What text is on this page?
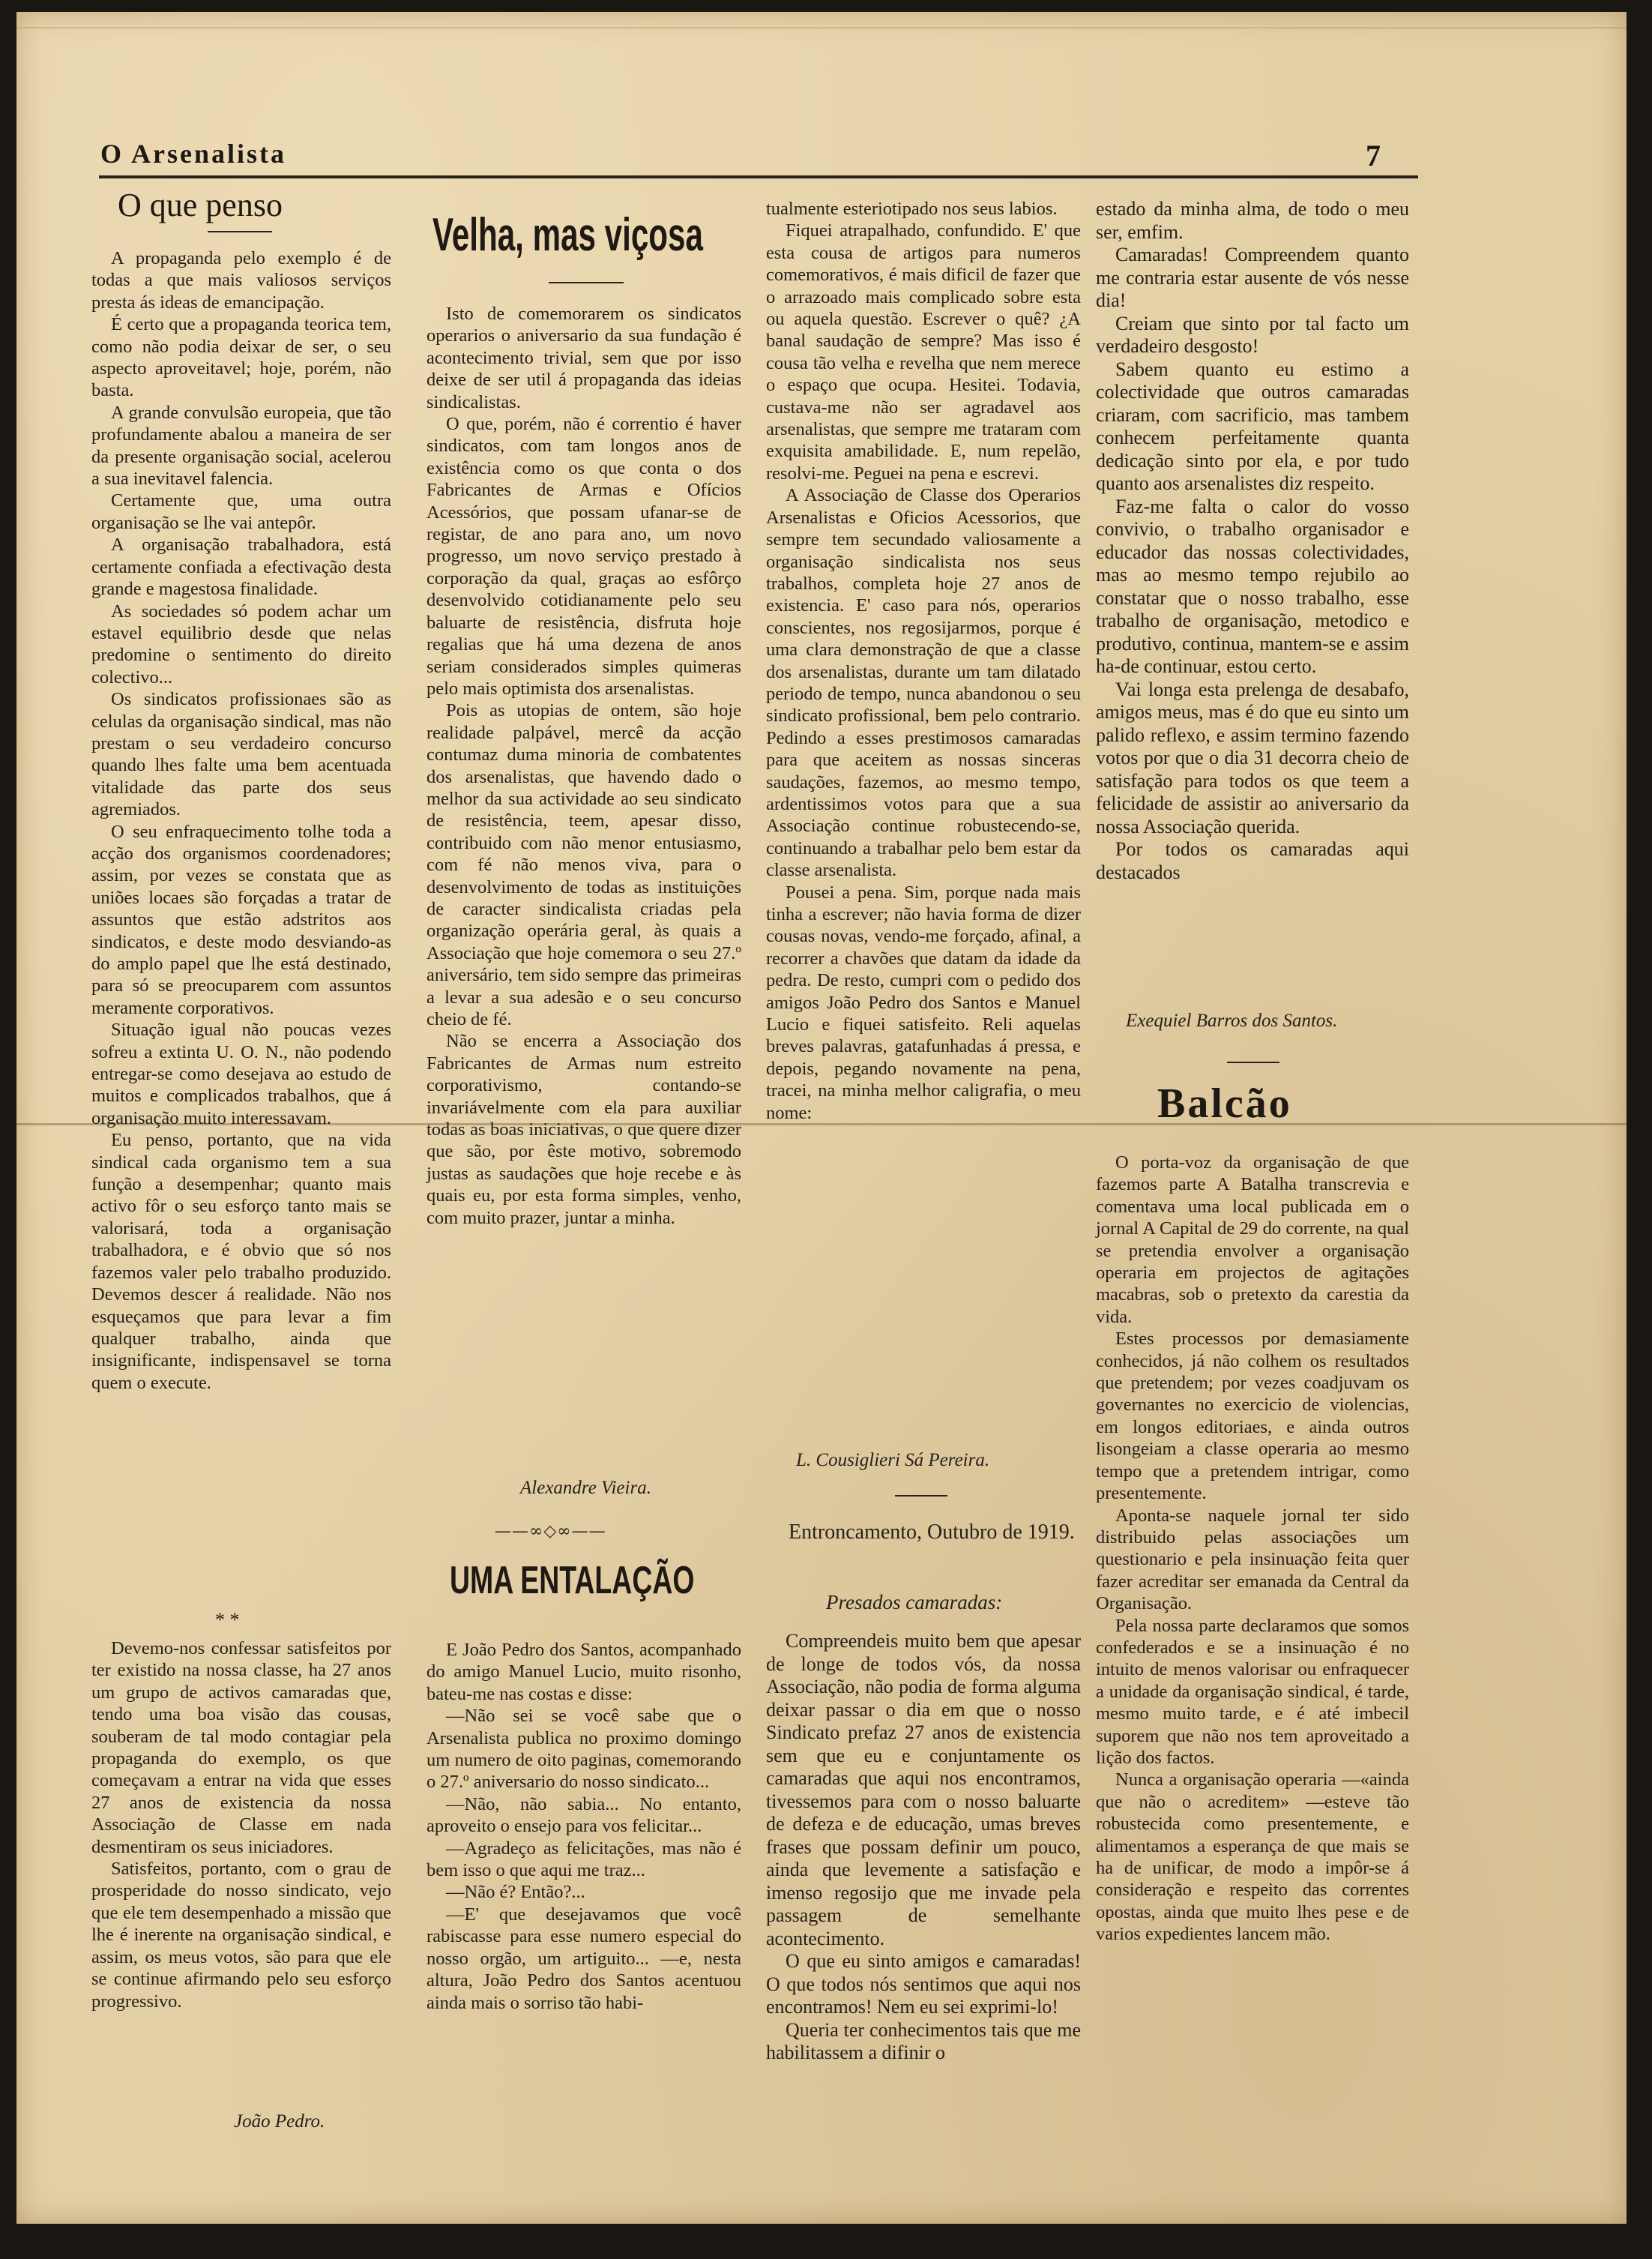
O Arsenalista	7
O que penso

A propaganda pelo exemplo é de todas a que mais valiosos serviços presta ás ideas de emancipação.

É certo que a propaganda teorica tem, como não podia deixar de ser, o seu aspecto aproveitavel; hoje, porém, não basta.

A grande convulsão europeia, que tão profundamente abalou a maneira de ser da presente organisação social, acelerou a sua inevitavel falencia.

Certamente que, uma outra organisação se lhe vai antepôr.

A organisação trabalhadora, está certamente confiada a efectivação desta grande e magestosa finalidade.

As sociedades só podem achar um estavel equilibrio desde que nelas predomine o sentimento do direito colectivo...

Os sindicatos profissionaes são as celulas da organisação sindical, mas não prestam o seu verdadeiro concurso quando lhes falte uma bem acentuada vitalidade das parte dos seus agremiados.

O seu enfraquecimento tolhe toda a acção dos organismos coordenadores; assim, por vezes se constata que as uniões locaes são forçadas a tratar de assuntos que estão adstritos aos sindicatos, e deste modo desviando-as do amplo papel que lhe está destinado, para só se preocuparem com assuntos meramente corporativos.

Situação igual não poucas vezes sofreu a extinta U. O. N., não podendo entregar-se como desejava ao estudo de muitos e complicados trabalhos, que á organisação muito interessavam.

Eu penso, portanto, que na vida sindical cada organismo tem a sua função a desempenhar; quanto mais activo fôr o seu esforço tanto mais se valorisará, toda a organisação trabalhadora, e é obvio que só nos fazemos valer pelo trabalho produzido. Devemos descer á realidade. Não nos esqueçamos que para levar a fim qualquer trabalho, ainda que insignificante, indispensavel se torna quem o execute.

* *

Devemo-nos confessar satisfeitos por ter existido na nossa classe, ha 27 anos um grupo de activos camaradas que, tendo uma boa visão das cousas, souberam de tal modo contagiar pela propaganda do exemplo, os que começavam a entrar na vida que esses 27 anos de existencia da nossa Associação de Classe em nada desmentiram os seus iniciadores.

Satisfeitos, portanto, com o grau de prosperidade do nosso sindicato, vejo que ele tem desempenhado a missão que lhe é inerente na organisação sindical, e assim, os meus votos, são para que ele se continue afirmando pelo seu esforço progressivo.

João Pedro.
Velha, mas viçosa

Isto de comemorarem os sindicatos operarios o aniversario da sua fundação é acontecimento trivial, sem que por isso deixe de ser util á propaganda das ideias sindicalistas.

O que, porém, não é correntio é haver sindicatos, com tam longos anos de existência como os que conta o dos Fabricantes de Armas e Ofícios Acessórios, que possam ufanar-se de registar, de ano para ano, um novo progresso, um novo serviço prestado à corporação da qual, graças ao esfôrço desenvolvido cotidianamente pelo seu baluarte de resistência, disfruta hoje regalias que há uma dezena de anos seriam considerados simples quimeras pelo mais optimista dos arsenalistas.

Pois as utopias de ontem, são hoje realidade palpável, mercê da acção contumaz duma minoria de combatentes dos arsenalistas, que havendo dado o melhor da sua actividade ao seu sindicato de resistência, teem, apesar disso, contribuido com não menor entusiasmo, com fé não menos viva, para o desenvolvimento de todas as instituições de caracter sindicalista criadas pela organização operária geral, às quais a Associação que hoje comemora o seu 27.º aniversário, tem sido sempre das primeiras a levar a sua adesão e o seu concurso cheio de fé.

Não se encerra a Associação dos Fabricantes de Armas num estreito corporativismo, contando-se invariávelmente com ela para auxiliar todas as boas iniciativas, o que quere dizer que são, por êste motivo, sobremodo justas as saudações que hoje recebe e às quais eu, por esta forma simples, venho, com muito prazer, juntar a minha.

Alexandre Vieira.
——∞◇∞——
UMA ENTALAÇÃO

E João Pedro dos Santos, acompanhado do amigo Manuel Lucio, muito risonho, bateu-me nas costas e disse:

—Não sei se você sabe que o Arsenalista publica no proximo domingo um numero de oito paginas, comemorando o 27.º aniversario do nosso sindicato...

—Não, não sabia... No entanto, aproveito o ensejo para vos felicitar...

—Agradeço as felicitações, mas não é bem isso o que aqui me traz...

—Não é? Então?...

—E' que desejavamos que você rabiscasse para esse numero especial do nosso orgão, um artiguito... —e, nesta altura, João Pedro dos Santos acentuou ainda mais o sorriso tão habi-

tualmente esteriotipado nos seus labios.

Fiquei atrapalhado, confundido. E' que esta cousa de artigos para numeros comemorativos, é mais dificil de fazer que o arrazoado mais complicado sobre esta ou aquela questão. Escrever o quê? ¿A banal saudação de sempre? Mas isso é cousa tão velha e revelha que nem merece o espaço que ocupa. Hesitei. Todavia, custava-me não ser agradavel aos arsenalistas, que sempre me trataram com exquisita amabilidade. E, num repelão, resolvi-me. Peguei na pena e escrevi.

A Associação de Classe dos Operarios Arsenalistas e Oficios Acessorios, que sempre tem secundado valiosamente a organisação sindicalista nos seus trabalhos, completa hoje 27 anos de existencia. E' caso para nós, operarios conscientes, nos regosijarmos, porque é uma clara demonstração de que a classe dos arsenalistas, durante um tam dilatado periodo de tempo, nunca abandonou o seu sindicato profissional, bem pelo contrario. Pedindo a esses prestimosos camaradas para que aceitem as nossas sinceras saudações, fazemos, ao mesmo tempo, ardentissimos votos para que a sua Associação continue robustecendo-se, continuando a trabalhar pelo bem estar da classe arsenalista.

Pousei a pena. Sim, porque nada mais tinha a escrever; não havia forma de dizer cousas novas, vendo-me forçado, afinal, a recorrer a chavões que datam da idade da pedra. De resto, cumpri com o pedido dos amigos João Pedro dos Santos e Manuel Lucio e fiquei satisfeito. Reli aquelas breves palavras, gatafunhadas á pressa, e depois, pegando novamente na pena, tracei, na minha melhor caligrafia, o meu nome:

L. Cousiglieri Sá Pereira.
Entroncamento, Outubro de 1919.
Presados camaradas:

Compreendeis muito bem que apesar de longe de todos vós, da nossa Associação, não podia de forma alguma deixar passar o dia em que o nosso Sindicato prefaz 27 anos de existencia sem que eu e conjuntamente os camaradas que aqui nos encontramos, tivessemos para com o nosso baluarte de defeza e de educação, umas breves frases que possam definir um pouco, ainda que levemente a satisfação e imenso regosijo que me invade pela passagem de semelhante acontecimento.

O que eu sinto amigos e camaradas! O que todos nós sentimos que aqui nos encontramos! Nem eu sei exprimi-lo!

Queria ter conhecimentos tais que me habilitassem a difinir o

estado da minha alma, de todo o meu ser, emfim.

Camaradas! Compreendem quanto me contraria estar ausente de vós nesse dia!

Creiam que sinto por tal facto um verdadeiro desgosto!

Sabem quanto eu estimo a colectividade que outros camaradas criaram, com sacrificio, mas tambem conhecem perfeitamente quanta dedicação sinto por ela, e por tudo quanto aos arsenalistes diz respeito.

Faz-me falta o calor do vosso convivio, o trabalho organisador e educador das nossas colectividades, mas ao mesmo tempo rejubilo ao constatar que o nosso trabalho, esse trabalho de organisação, metodico e produtivo, continua, mantem-se e assim ha-de continuar, estou certo.

Vai longa esta prelenga de desabafo, amigos meus, mas é do que eu sinto um palido reflexo, e assim termino fazendo votos por que o dia 31 decorra cheio de satisfação para todos os que teem a felicidade de assistir ao aniversario da nossa Associação querida.

Por todos os camaradas aqui destacados

Exequiel Barros dos Santos.
Balcão

O porta-voz da organisação de que fazemos parte A Batalha transcrevia e comentava uma local publicada em o jornal A Capital de 29 do corrente, na qual se pretendia envolver a organisação operaria em projectos de agitações macabras, sob o pretexto da carestia da vida.

Estes processos por demasiamente conhecidos, já não colhem os resultados que pretendem; por vezes coadjuvam os governantes no exercicio de violencias, em longos editoriaes, e ainda outros lisongeiam a classe operaria ao mesmo tempo que a pretendem intrigar, como presentemente.

Aponta-se naquele jornal ter sido distribuido pelas associações um questionario e pela insinuação feita quer fazer acreditar ser emanada da Central da Organisação.

Pela nossa parte declaramos que somos confederados e se a insinuação é no intuito de menos valorisar ou enfraquecer a unidade da organisação sindical, é tarde, mesmo muito tarde, e é até imbecil suporem que não nos tem aproveitado a lição dos factos.

Nunca a organisação operaria —«ainda que não o acreditem» —esteve tão robustecida como presentemente, e alimentamos a esperança de que mais se ha de unificar, de modo a impôr-se á consideração e respeito das correntes opostas, ainda que muito lhes pese e de varios expedientes lancem mão.
